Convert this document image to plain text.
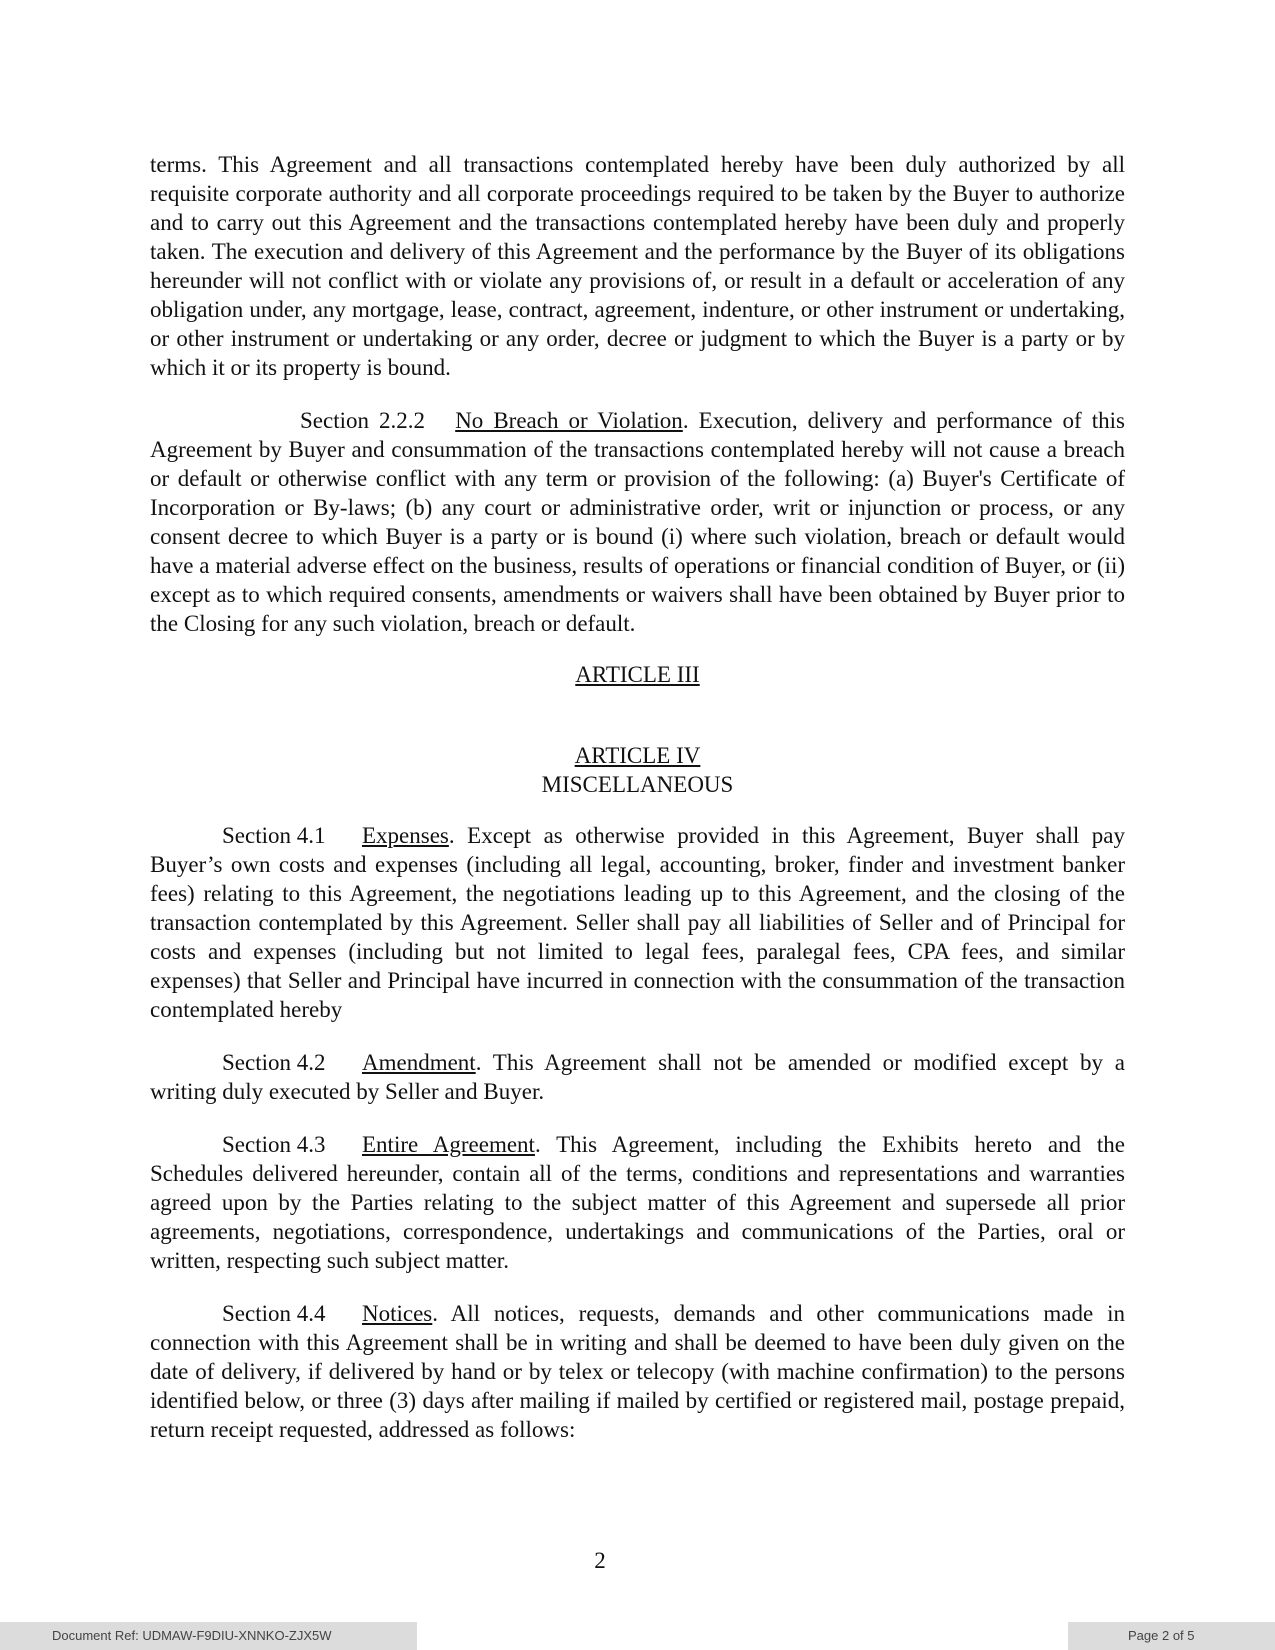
terms. This Agreement and all transactions contemplated hereby have been duly authorized by all requisite corporate authority and all corporate proceedings required to be taken by the Buyer to authorize and to carry out this Agreement and the transactions contemplated hereby have been duly and properly taken. The execution and delivery of this Agreement and the performance by the Buyer of its obligations hereunder will not conflict with or violate any provisions of, or result in a default or acceleration of any obligation under, any mortgage, lease, contract, agreement, indenture, or other instrument or undertaking, or other instrument or undertaking or any order, decree or judgment to which the Buyer is a party or by which it or its property is bound.

Section 2.2.2 No Breach or Violation. Execution, delivery and performance of this Agreement by Buyer and consummation of the transactions contemplated hereby will not cause a breach or default or otherwise conflict with any term or provision of the following: (a) Buyer's Certificate of Incorporation or By-laws; (b) any court or administrative order, writ or injunction or process, or any consent decree to which Buyer is a party or is bound (i) where such violation, breach or default would have a material adverse effect on the business, results of operations or financial condition of Buyer, or (ii) except as to which required consents, amendments or waivers shall have been obtained by Buyer prior to the Closing for any such violation, breach or default.

ARTICLE III

ARTICLE IV

MISCELLANEOUS

Section 4.1 Expenses. Except as otherwise provided in this Agreement, Buyer shall pay Buyer’s own costs and expenses (including all legal, accounting, broker, finder and investment banker fees) relating to this Agreement, the negotiations leading up to this Agreement, and the closing of the transaction contemplated by this Agreement. Seller shall pay all liabilities of Seller and of Principal for costs and expenses (including but not limited to legal fees, paralegal fees, CPA fees, and similar expenses) that Seller and Principal have incurred in connection with the consummation of the transaction contemplated hereby

Section 4.2 Amendment. This Agreement shall not be amended or modified except by a writing duly executed by Seller and Buyer.

Section 4.3 Entire Agreement. This Agreement, including the Exhibits hereto and the Schedules delivered hereunder, contain all of the terms, conditions and representations and warranties agreed upon by the Parties relating to the subject matter of this Agreement and supersede all prior agreements, negotiations, correspondence, undertakings and communications of the Parties, oral or written, respecting such subject matter.

Section 4.4 Notices. All notices, requests, demands and other communications made in connection with this Agreement shall be in writing and shall be deemed to have been duly given on the date of delivery, if delivered by hand or by telex or telecopy (with machine confirmation) to the persons identified below, or three (3) days after mailing if mailed by certified or registered mail, postage prepaid, return receipt requested, addressed as follows:

2
Document Ref: UDMAW-F9DIU-XNNKO-ZJX5W	Page 2 of 5
